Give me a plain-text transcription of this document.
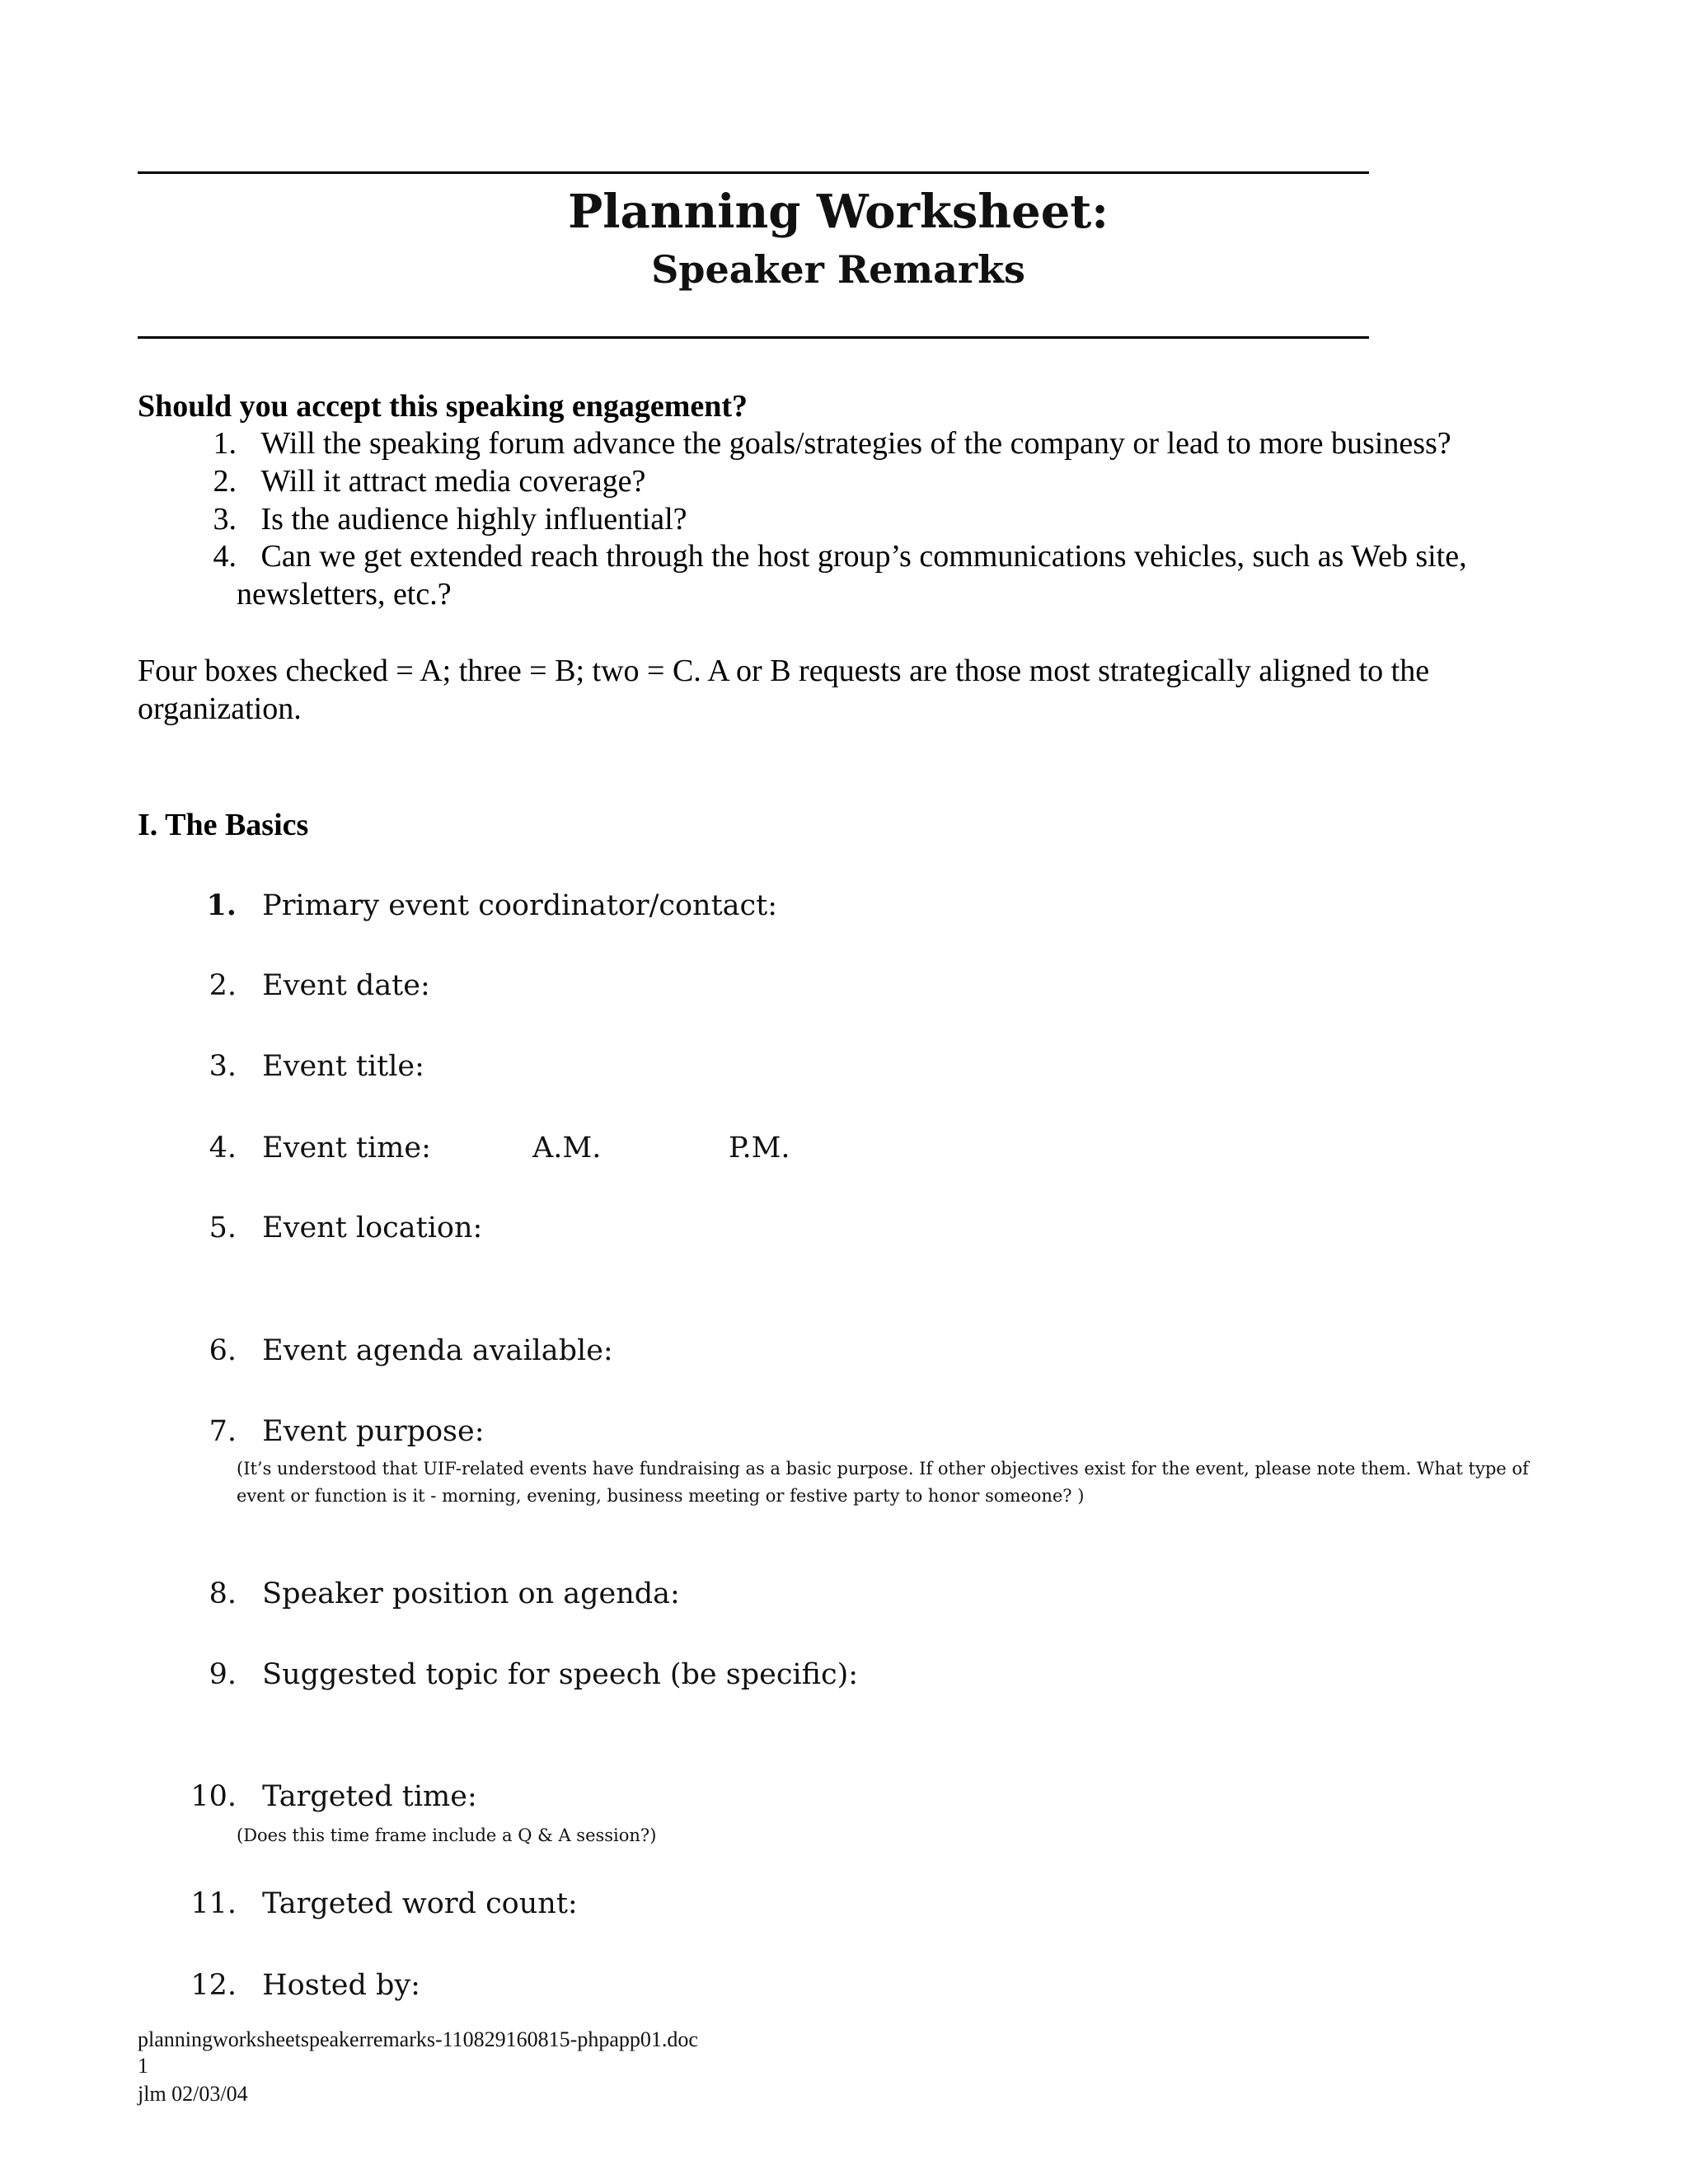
Planning Worksheet:
Speaker Remarks
Should you accept this speaking engagement?
1. Will the speaking forum advance the goals/strategies of the company or lead to more business?
2. Will it attract media coverage?
3. Is the audience highly influential?
4. Can we get extended reach through the host group’s communications vehicles, such as Web site,
newsletters, etc.?
Four boxes checked = A; three = B; two = C. A or B requests are those most strategically aligned to the
organization.
I. The Basics
1. Primary event coordinator/contact:
2. Event date:
3. Event title:
4. Event time:	A.M.	P.M.
5. Event location:
6. Event agenda available:
7. Event purpose:
(It’s understood that UIF-related events have fundraising as a basic purpose. If other objectives exist for the event, please note them. What type of event or function is it - morning, evening, business meeting or festive party to honor someone? )
8. Speaker position on agenda:
9. Suggested topic for speech (be specific):
10. Targeted time:
(Does this time frame include a Q & A session?)
11. Targeted word count:
12. Hosted by:
planningworksheetspeakerremarks-110829160815-phpapp01.doc
1
jlm 02/03/04
